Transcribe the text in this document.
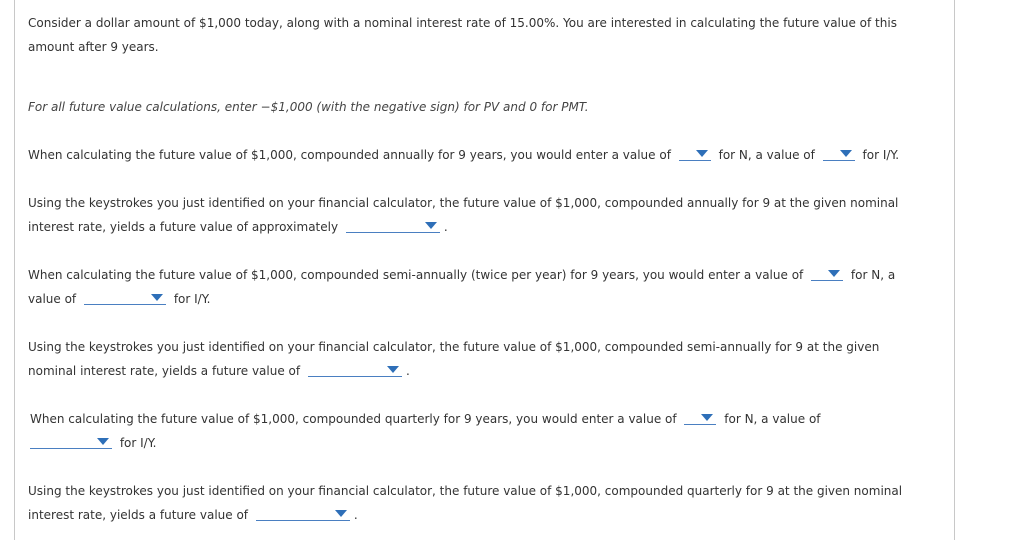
Consider a dollar amount of $1,000 today, along with a nominal interest rate of 15.00%. You are interested in calculating the future value of this
amount after 9 years.

For all future value calculations, enter −$1,000 (with the negative sign) for PV and 0 for PMT.

When calculating the future value of $1,000, compounded annually for 9 years, you would enter a value of	for N, a value of	for I/Y.

Using the keystrokes you just identified on your financial calculator, the future value of $1,000, compounded annually for 9 at the given nominal
interest rate, yields a future value of approximately	.

When calculating the future value of $1,000, compounded semi-annually (twice per year) for 9 years, you would enter a value of	for N, a
value of	for I/Y.

Using the keystrokes you just identified on your financial calculator, the future value of $1,000, compounded semi-annually for 9 at the given
nominal interest rate, yields a future value of	.

When calculating the future value of $1,000, compounded quarterly for 9 years, you would enter a value of	for N, a value of

for I/Y.

Using the keystrokes you just identified on your financial calculator, the future value of $1,000, compounded quarterly for 9 at the given nominal
interest rate, yields a future value of	.
